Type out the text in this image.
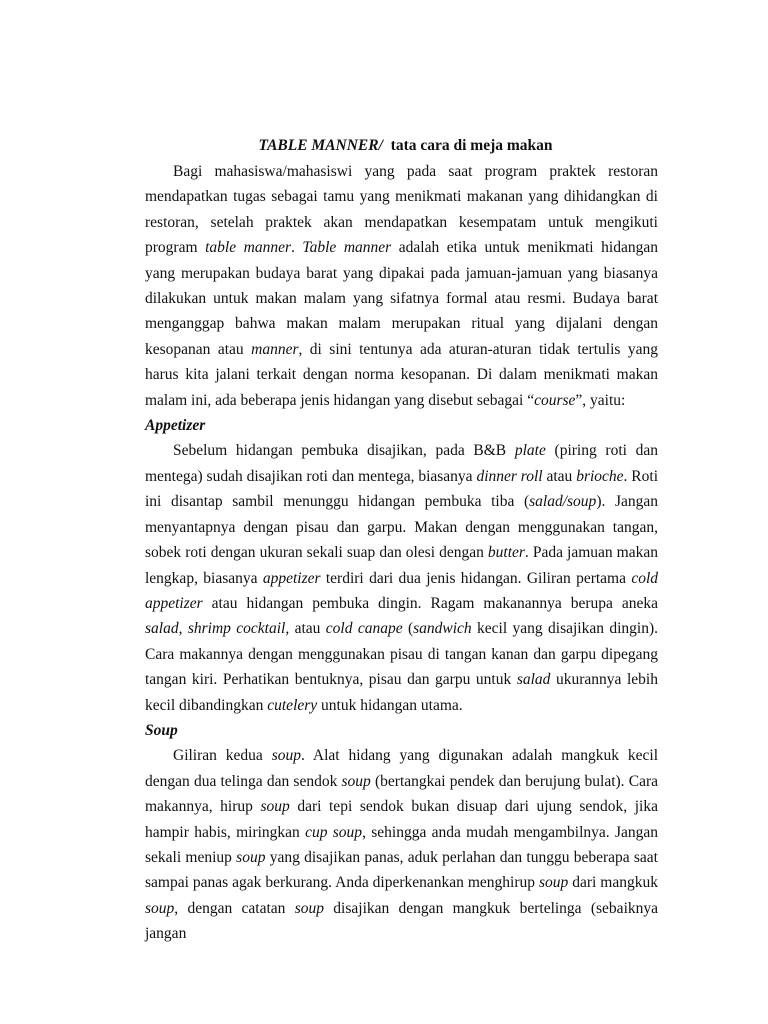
TABLE MANNER/ tata cara di meja makan

Bagi mahasiswa/mahasiswi yang pada saat program praktek restoran mendapatkan tugas sebagai tamu yang menikmati makanan yang dihidangkan di restoran, setelah praktek akan mendapatkan kesempatam untuk mengikuti program table manner. Table manner adalah etika untuk menikmati hidangan yang merupakan budaya barat yang dipakai pada jamuan-jamuan yang biasanya dilakukan untuk makan malam yang sifatnya formal atau resmi. Budaya barat menganggap bahwa makan malam merupakan ritual yang dijalani dengan kesopanan atau manner, di sini tentunya ada aturan-aturan tidak tertulis yang harus kita jalani terkait dengan norma kesopanan. Di dalam menikmati makan malam ini, ada beberapa jenis hidangan yang disebut sebagai “course”, yaitu:

Appetizer

Sebelum hidangan pembuka disajikan, pada B&B plate (piring roti dan mentega) sudah disajikan roti dan mentega, biasanya dinner roll atau brioche. Roti ini disantap sambil menunggu hidangan pembuka tiba (salad/soup). Jangan menyantapnya dengan pisau dan garpu. Makan dengan menggunakan tangan, sobek roti dengan ukuran sekali suap dan olesi dengan butter. Pada jamuan makan lengkap, biasanya appetizer terdiri dari dua jenis hidangan. Giliran pertama cold appetizer atau hidangan pembuka dingin. Ragam makanannya berupa aneka salad, shrimp cocktail, atau cold canape (sandwich kecil yang disajikan dingin). Cara makannya dengan menggunakan pisau di tangan kanan dan garpu dipegang tangan kiri. Perhatikan bentuknya, pisau dan garpu untuk salad ukurannya lebih kecil dibandingkan cutelery untuk hidangan utama.

Soup

Giliran kedua soup. Alat hidang yang digunakan adalah mangkuk kecil dengan dua telinga dan sendok soup (bertangkai pendek dan berujung bulat). Cara makannya, hirup soup dari tepi sendok bukan disuap dari ujung sendok, jika hampir habis, miringkan cup soup, sehingga anda mudah mengambilnya. Jangan sekali meniup soup yang disajikan panas, aduk perlahan dan tunggu beberapa saat sampai panas agak berkurang. Anda diperkenankan menghirup soup dari mangkuk soup, dengan catatan soup disajikan dengan mangkuk bertelinga (sebaiknya jangan
